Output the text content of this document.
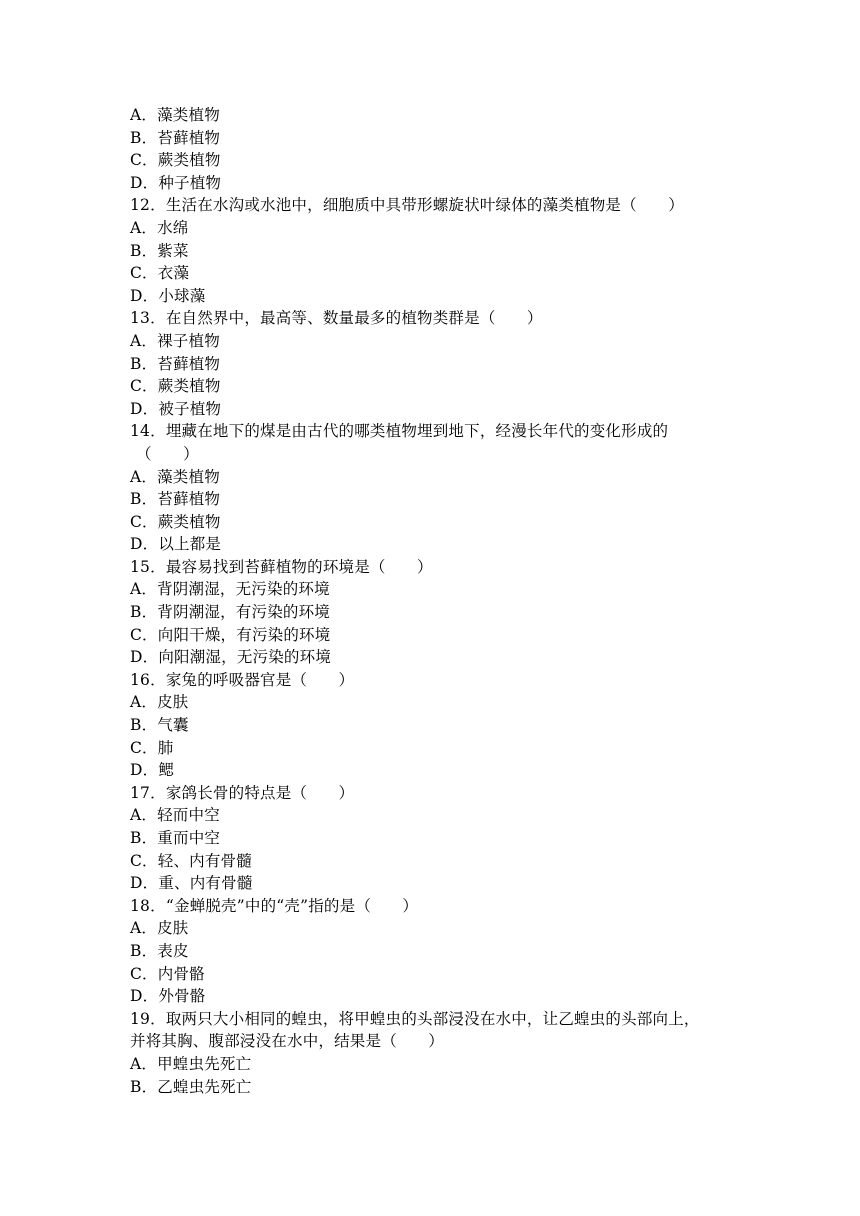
A．藻类植物
B．苔藓植物
C．蕨类植物
D．种子植物
12．生活在水沟或水池中，细胞质中具带形螺旋状叶绿体的藻类植物是（　　）
A．水绵
B．紫菜
C．衣藻
D．小球藻
13．在自然界中，最高等、数量最多的植物类群是（　　）
A．裸子植物
B．苔藓植物
C．蕨类植物
D．被子植物
14．埋藏在地下的煤是由古代的哪类植物埋到地下，经漫长年代的变化形成的
（　　）
A．藻类植物
B．苔藓植物
C．蕨类植物
D．以上都是
15．最容易找到苔藓植物的环境是（　　）
A．背阴潮湿，无污染的环境
B．背阴潮湿，有污染的环境
C．向阳干燥，有污染的环境
D．向阳潮湿，无污染的环境
16．家兔的呼吸器官是（　　）
A．皮肤
B．气囊
C．肺
D．鳃
17．家鸽长骨的特点是（　　）
A．轻而中空
B．重而中空
C．轻、内有骨髓
D．重、内有骨髓
18．“金蝉脱壳”中的“壳”指的是（　　）
A．皮肤
B．表皮
C．内骨骼
D．外骨骼
19．取两只大小相同的蝗虫，将甲蝗虫的头部浸没在水中，让乙蝗虫的头部向上，
并将其胸、腹部浸没在水中，结果是（　　）
A．甲蝗虫先死亡
B．乙蝗虫先死亡
